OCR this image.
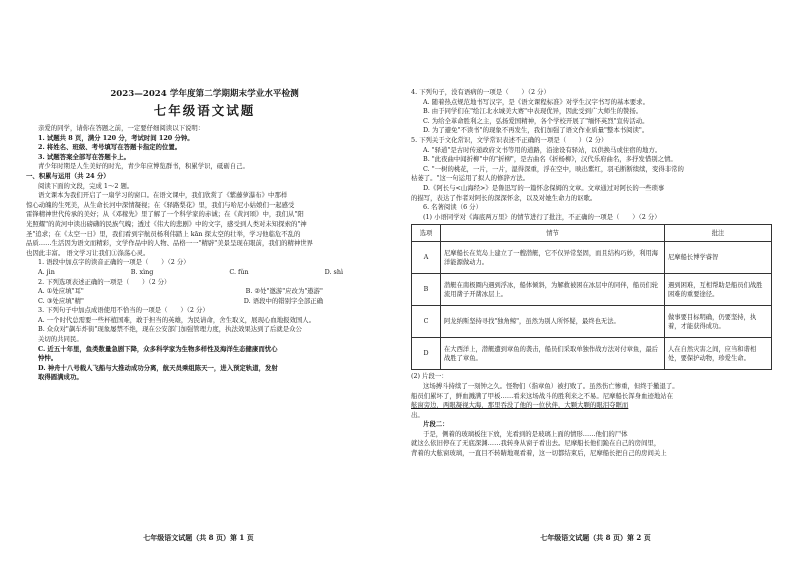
2023—2024 学年度第二学期期末学业水平检测
七年级语文试题

亲爱的同学，请你在答题之前，一定要仔细阅读以下说明：

1. 试题共 8 页，满分 120 分，考试时间 120 分钟。

2. 将姓名、班级、考号填写在答题卡指定的位置。

3. 试题答案全部写在答题卡上。

青少年时期是人生美好的时光，青少年应博览群书，积累学识，砥砺自己。

一、积累与运用（共 24 分）

阅读下面的文段，完成 1～2 题。

语文课本为我们开启了一扇学习的窗口。在语文课中，我们欣赏了《紫藤萝瀑布》中那样

惊心动魄的生死美，从生命长河中深情凝视；在《驿路梨花》里，我们与哈尼小姑娘们一起感受

雷锋精神世代传承的美好；从《邓稼先》里了解了一个科学家的赤诚；在《黄河颂》中，我们从"阳

光照耀"的黄河中读出磅礴的民族气魄；透过《伟大的悲剧》中的文字，感受到人类对未知探索的"神

圣"追求；在《太空一日》里，我们看到宇航员杨利伟踏上 kān 探太空的壮举，学习他临危不乱的

品质……生活因为语文而精彩，文学作品中的人物、品格一一"精辟"美景呈现在眼前，我们的精神世界

也因此丰富。 语文学习让我们①涤荡心灵。

1. 语段中加点字的读音正确的一项是（　　）（2 分）

A. jìn	B. xìng	C. fǔn	D. shì

2. 下列选项表述正确的一项是（　　）（2 分）

A. ①处应填"耳"	B. ②处"邀游"应改为"遨游"
C. ③处应填"精"	D. 语段中的错别字全部正确

3. 下列句子中加点成语使用不恰当的一项是（　　）（2 分）

A. 一个时代总需要一些杯植国难，敢于担当的英雄，为民请命，舍生取义，展现心血地报效国人。

B. 众众对"飙车炸街"现象屡禁不绝，现在公安部门加强管理力度，执法效果达到了后就是众公

关切的共同民。

C. 近五十年里，鱼类数量急剧下降，众多科学家为生物多样性及海洋生态健康而忧心

忡忡。

D. 神舟十八号载人飞船与大推动成功分离，航天员乘组陈天一，进入预定轨道，发射

取得圆满成功。

七年级语文试题（共 8 页）第 1 页

4. 下列句子，没有语病的一项是（　　）（2 分）

A. 随着热点规范地书写汉字，是《语文课程标准》对学生汉字书写的基本要求。

B. 由于同学们在"绘江北水城美大赛"中表现优异，因此受到广大师生的赞扬。

C. 为给全革命胜利之主，弘扬爱国精神，各个学校开展了"缅怀英烈"宣传活动。

D. 为了避免"不读书"的现象不再发生，我们加强了语文作业质量"整本书阅读"。

5. 下列关于文化常识，文学常识表述不正确的一项是（　　）（2 分）

A. "驿道"是古时传递政府文书等用的道路，沿途设有驿站，以供换马或住宿的地方。

B. "此夜曲中闻折柳"中的"折柳"，是古曲名《折杨柳》，汉代乐府曲名，多抒发惜别之情。

C. "一树的桃花，一片，一片，湿得深重，浮在空中，映出紫红，羽毛断断续续，变得非常的

枯萎了。"这一句运用了拟人的修辞方法。

D.《阿长与<山海经>》是鲁迅写的一篇怀念保姆的文章。文章通过对阿长的一些琐事

的描写，表达了作者对阿长的深深怀念，以及对她生命力的讴歌。

6. 名著阅读（6 分）

(1) 小语同学对《海底两万里》的情节进行了批注，不正确的一项是（　　）（2 分）

选项	情节	批注
A	尼摩船长在荒岛上建立了一艘潜艇，它不仅异常坚固，而且结构巧妙，利用海洋能源做动力。	尼摩船长博学睿智
B	潜艇在南极圈内遇到浮冰，船体倾斜，为解救被困在冰层中的同伴，船员们轮流用凿子开凿冰层上。	遇到困难，互相帮助是船员们战胜困难的重要途径。
C	阿龙纳斯坚持寻找"独角鲸"，虽然为别人所怀疑，最终也无法。	做事要目标明确，仍要坚持，执着，才能获得成功。
D	在大西洋上，潜艇遭到章鱼的袭击，船员们采取单独作战方法对付章鱼，最后战胜了章鱼。	人在自然灾害之间，应当和谐相处，要保护动物，珍爱生命。

(2) 片段一：

这场搏斗持续了一刻钟之久。怪物们（指章鱼）被打败了。虽然伤亡惨重，但终于撤退了。

船员们累坏了，鲜血溅满了甲板……看来这场战斗的胜利来之不易。尼摩船长浑身血迹地站在

舷窗旁边，两眼凝视大海，那里吞没了他的一位伙伴，大颗大颗的眼泪夺眶而

出。

片段二：

于是，侧着的玻璃板往下放，光看到的是玻璃上面的情形……他们的尸体

就这么依旧停在了无底深渊……我转身从窗子看出去。尼摩船长他们跪在自己的房间里，

背着的大舷窗玻璃，一直目不转睛地观看着，这一切都结束后，尼摩船长把自己的房间关上

七年级语文试题（共 8 页）第 2 页
